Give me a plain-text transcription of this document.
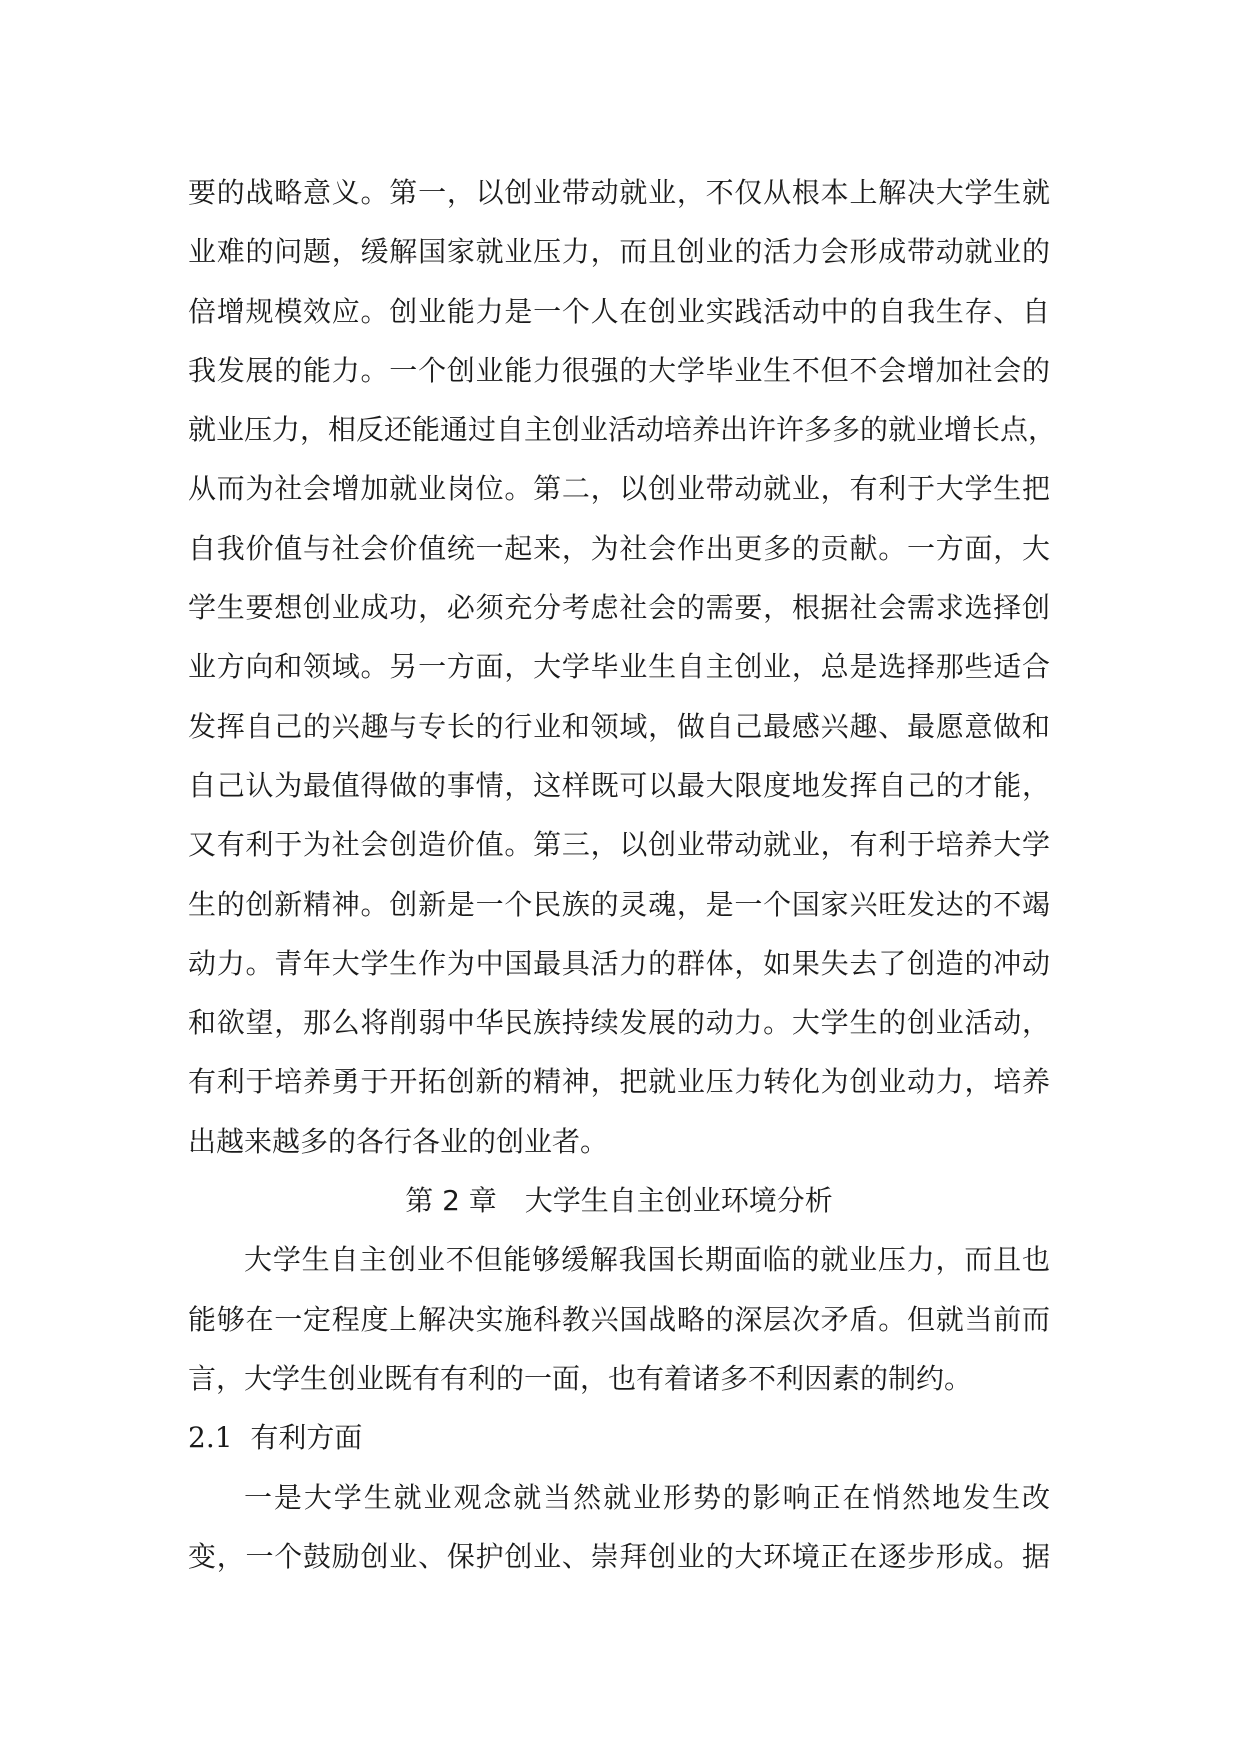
要的战略意义。第一，以创业带动就业，不仅从根本上解决大学生就
业难的问题，缓解国家就业压力，而且创业的活力会形成带动就业的
倍增规模效应。创业能力是一个人在创业实践活动中的自我生存、自
我发展的能力。一个创业能力很强的大学毕业生不但不会增加社会的
就业压力，相反还能通过自主创业活动培养出许许多多的就业增长点，
从而为社会增加就业岗位。第二，以创业带动就业，有利于大学生把
自我价值与社会价值统一起来，为社会作出更多的贡献。一方面，大
学生要想创业成功，必须充分考虑社会的需要，根据社会需求选择创
业方向和领域。另一方面，大学毕业生自主创业，总是选择那些适合
发挥自己的兴趣与专长的行业和领域，做自己最感兴趣、最愿意做和
自己认为最值得做的事情，这样既可以最大限度地发挥自己的才能，
又有利于为社会创造价值。第三，以创业带动就业，有利于培养大学
生的创新精神。创新是一个民族的灵魂，是一个国家兴旺发达的不竭
动力。青年大学生作为中国最具活力的群体，如果失去了创造的冲动
和欲望，那么将削弱中华民族持续发展的动力。大学生的创业活动，
有利于培养勇于开拓创新的精神，把就业压力转化为创业动力，培养
出越来越多的各行各业的创业者。
第 2 章　大学生自主创业环境分析
大学生自主创业不但能够缓解我国长期面临的就业压力，而且也
能够在一定程度上解决实施科教兴国战略的深层次矛盾。但就当前而
言，大学生创业既有有利的一面，也有着诸多不利因素的制约。
2.1  有利方面
一是大学生就业观念就当然就业形势的影响正在悄然地发生改
变，一个鼓励创业、保护创业、崇拜创业的大环境正在逐步形成。据
